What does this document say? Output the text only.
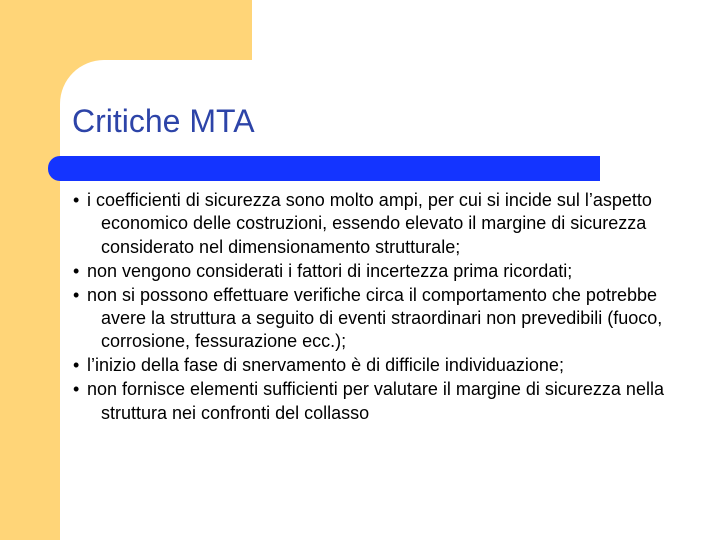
Critiche MTA
• i coefficienti di sicurezza sono molto ampi, per cui si incide sul l’aspetto economico delle costruzioni, essendo elevato il margine di sicurezza considerato nel dimensionamento strutturale;
• non vengono considerati i fattori di incertezza prima ricordati;
• non si possono effettuare verifiche circa il comportamento che potrebbe avere la struttura a seguito di eventi straordinari non prevedibili (fuoco, corrosione, fessurazione ecc.);
• l’inizio della fase di snervamento è di difficile individuazione;
• non fornisce elementi sufficienti per valutare il margine di sicurezza nella struttura nei confronti del collasso
